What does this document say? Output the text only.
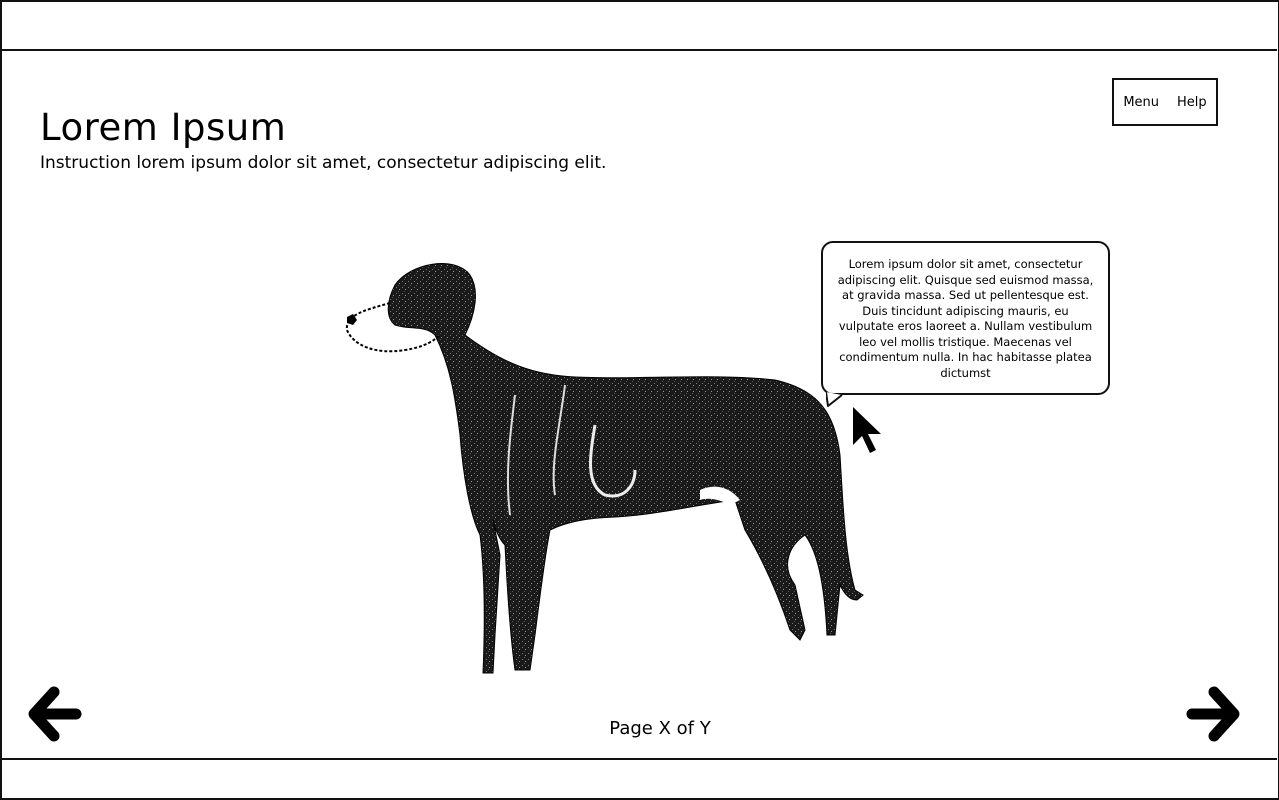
Lorem Ipsum

Instruction lorem ipsum dolor sit amet, consectetur adipiscing elit.

Menu Help
Lorem ipsum dolor sit amet, consectetur adipiscing elit. Quisque sed euismod massa, at gravida massa. Sed ut pellentesque est. Duis tincidunt adipiscing mauris, eu vulputate eros laoreet a. Nullam vestibulum leo vel mollis tristique. Maecenas vel condimentum nulla. In hac habitasse platea dictumst
Page X of Y
